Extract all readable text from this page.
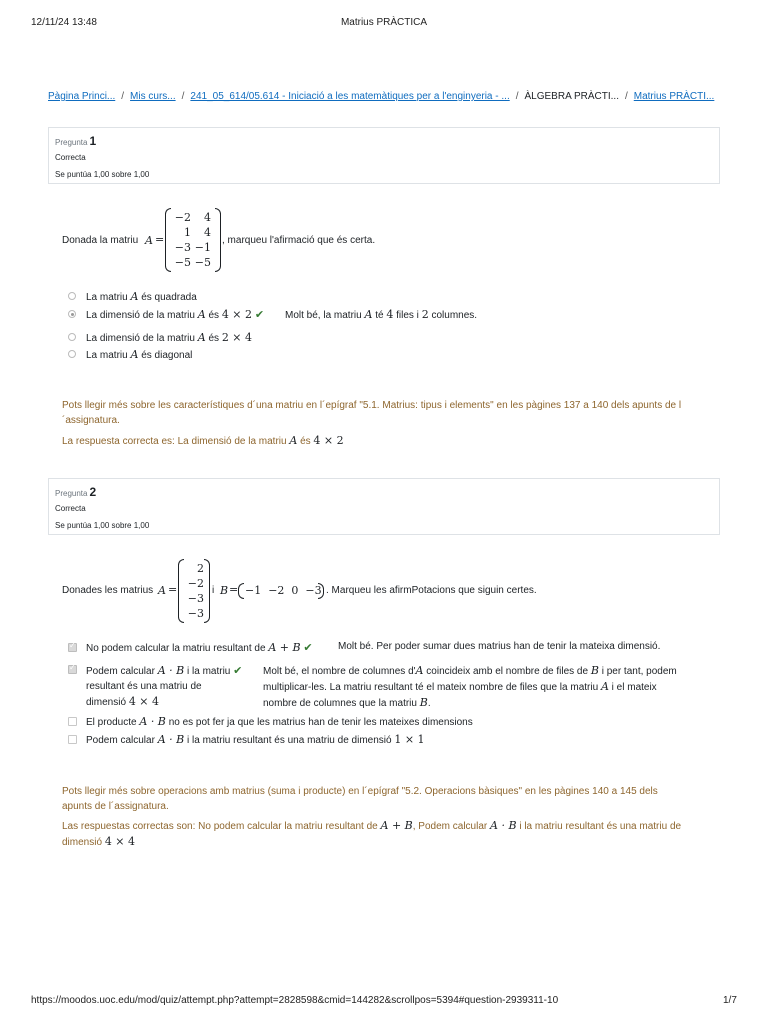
12/11/24 13:48	Matrius PRÀCTICA
Pàgina Princi... / Mis curs... / 241_05_614/05.614 - Iniciació a les matemàtiques per a l'enginyeria - ... / ÀLGEBRA PRÀCTI... / Matrius PRÀCTI...
Pregunta 1
Correcta
Se puntúa 1,00 sobre 1,00
Donada la matriu A =
−2	4
1	4
−3 −1
−5 −5
, marqueu l'afirmació que és certa.
La matriu A és quadrada
La dimensió de la matriu A és 4 × 2 ✔ Molt bé, la matriu A té 4 files i 2 columnes.
La dimensió de la matriu A és 2 × 4
La matriu A és diagonal
Pots llegir més sobre les característiques d´una matriu en l´epígraf "5.1. Matrius: tipus i elements" en les pàgines 137 a 140 dels apunts de l
´assignatura.
La respuesta correcta es: La dimensió de la matriu A és 4 × 2
Pregunta 2
Correcta
Se puntúa 1,00 sobre 1,00
Donades les matrius A =
2
−2
−3
−3
i B = −1  −2  0  −3 . Marqueu les afirmPotacions que siguin certes.
✓
No podem calcular la matriu resultant de A + B ✔	Molt bé. Per poder sumar dues matrius han de tenir la mateixa dimensió.
✓
Podem calcular A · B i la matriu ✔
resultant és una matriu de
dimensió 4 × 4
Molt bé, el nombre de columnes d'A coincideix amb el nombre de files de B i per tant, podem
multiplicar-les. La matriu resultant té el mateix nombre de files que la matriu A i el mateix
nombre de columnes que la matriu B.
El producte A · B no es pot fer ja que les matrius han de tenir les mateixes dimensions
Podem calcular A · B i la matriu resultant és una matriu de dimensió 1 × 1
Pots llegir més sobre operacions amb matrius (suma i producte) en l´epígraf "5.2. Operacions bàsiques" en les pàgines 140 a 145 dels
apunts de l´assignatura.
Las respuestas correctas son: No podem calcular la matriu resultant de A + B, Podem calcular A · B i la matriu resultant és una matriu de
dimensió 4 × 4
https://moodos.uoc.edu/mod/quiz/attempt.php?attempt=2828598&cmid=144282&scrollpos=5394#question-2939311-10	1/7
